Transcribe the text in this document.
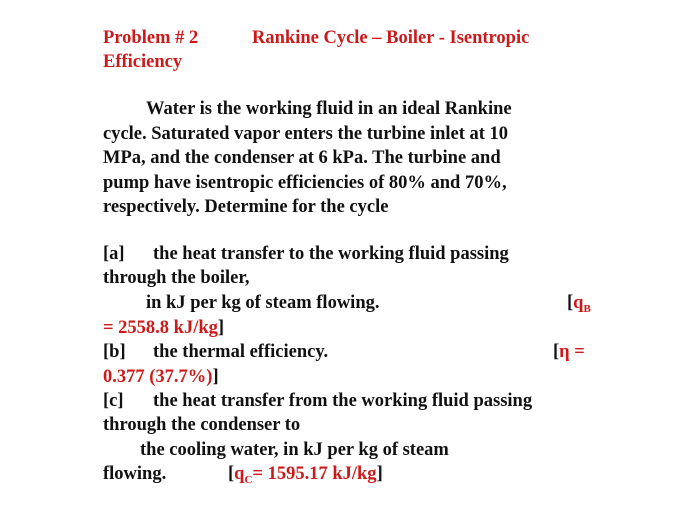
Problem # 2	Rankine Cycle – Boiler - Isentropic
Efficiency
Water is the working fluid in an ideal Rankine
cycle. Saturated vapor enters the turbine inlet at 10
MPa, and the condenser at 6 kPa. The turbine and
pump have isentropic efficiencies of 80% and 70%,
respectively. Determine for the cycle
[a] the heat transfer to the working fluid passing
through the boiler,
in kJ per kg of steam flowing.	[$q_B$
= 2558.8 kJ/kg]
[b] the thermal efficiency.	[η =
0.377 (37.7%)]
[c] the heat transfer from the working fluid passing
through the condenser to
the cooling water, in kJ per kg of steam
flowing.	[$q_C= 1595.17$ kJ/kg]
